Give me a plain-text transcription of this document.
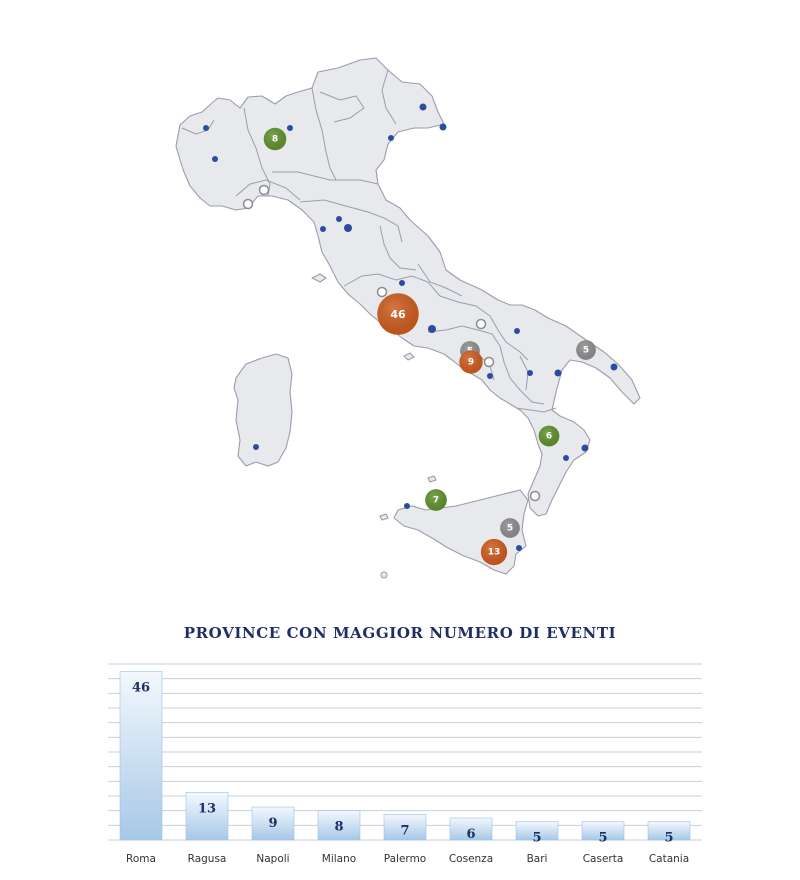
8
46
9
5
6
7
5
13
PROVINCE CON MAGGIOR NUMERO DI EVENTI
46
Roma
13
Ragusa
9
Napoli
8
Milano
7
Palermo
6
Cosenza
5
Bari
5
Caserta
5
Catania
